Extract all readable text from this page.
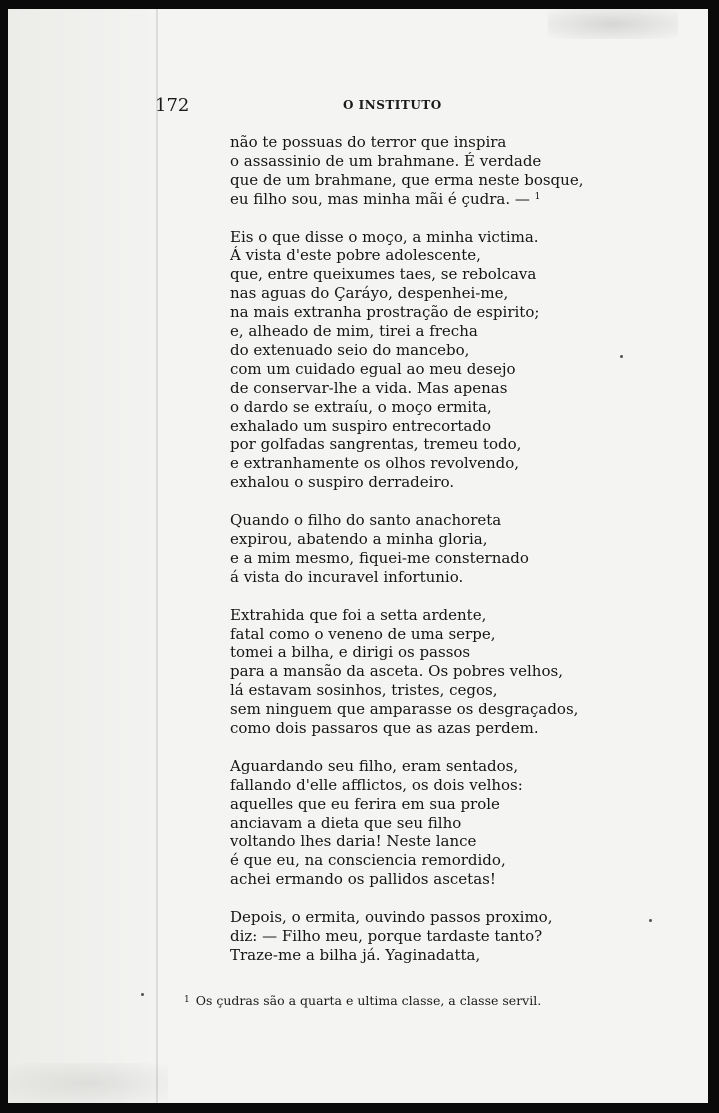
172	O INSTITUTO
não te possuas do terror que inspira
o assassinio de um brahmane. É verdade
que de um brahmane, que erma neste bosque,
eu filho sou, mas minha mãi é çudra. — $^1$
Eis o que disse o moço, a minha victima.
Á vista d'este pobre adolescente,
que, entre queixumes taes, se rebolcava
nas aguas do Çaráyo, despenhei-me,
na mais extranha prostração de espirito;
e, alheado de mim, tirei a frecha
do extenuado seio do mancebo,
com um cuidado egual ao meu desejo
de conservar-lhe a vida. Mas apenas
o dardo se extraíu, o moço ermita,
exhalado um suspiro entrecortado
por golfadas sangrentas, tremeu todo,
e extranhamente os olhos revolvendo,
exhalou o suspiro derradeiro.
Quando o filho do santo anachoreta
expirou, abatendo a minha gloria,
e a mim mesmo, fiquei-me consternado
á vista do incuravel infortunio.
Extrahida que foi a setta ardente,
fatal como o veneno de uma serpe,
tomei a bilha, e dirigi os passos
para a mansão da asceta. Os pobres velhos,
lá estavam sosinhos, tristes, cegos,
sem ninguem que amparasse os desgraçados,
como dois passaros que as azas perdem.
Aguardando seu filho, eram sentados,
fallando d'elle afflictos, os dois velhos:
aquelles que eu ferira em sua prole
anciavam a dieta que seu filho
voltando lhes daria! Neste lance
é que eu, na consciencia remordido,
achei ermando os pallidos ascetas!
Depois, o ermita, ouvindo passos proximo,
diz: — Filho meu, porque tardaste tanto?
Traze-me a bilha já. Yaginadatta,
$^1$ Os çudras são a quarta e ultima classe, a classe servil.
